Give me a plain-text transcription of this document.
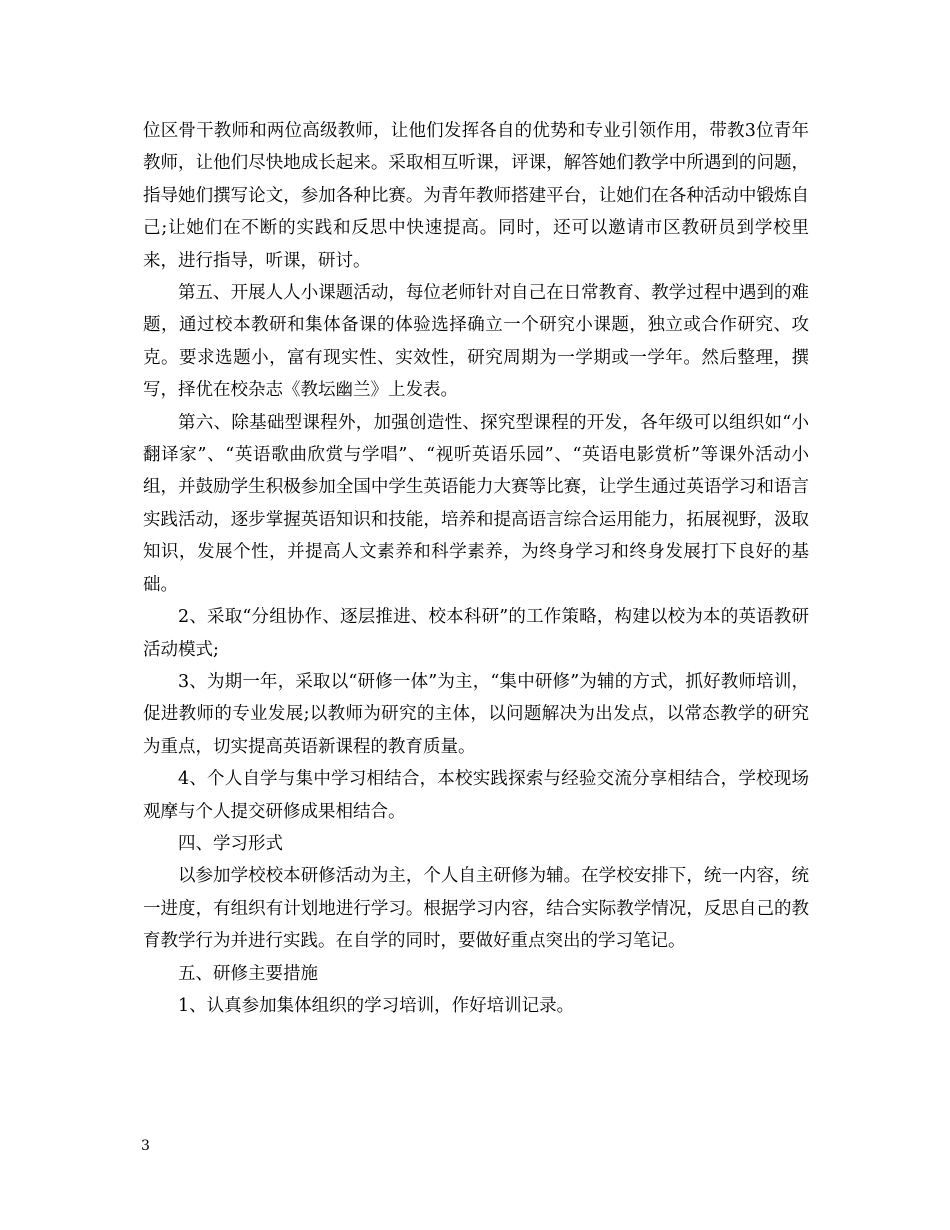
位区骨干教师和两位高级教师，让他们发挥各自的优势和专业引领作用，带教3位青年教师，让他们尽快地成长起来。采取相互听课，评课，解答她们教学中所遇到的问题，指导她们撰写论文，参加各种比赛。为青年教师搭建平台，让她们在各种活动中锻炼自己;让她们在不断的实践和反思中快速提高。同时，还可以邀请市区教研员到学校里来，进行指导，听课，研讨。

第五、开展人人小课题活动，每位老师针对自己在日常教育、教学过程中遇到的难题，通过校本教研和集体备课的体验选择确立一个研究小课题，独立或合作研究、攻克。要求选题小，富有现实性、实效性，研究周期为一学期或一学年。然后整理，撰写，择优在校杂志《教坛幽兰》上发表。

第六、除基础型课程外，加强创造性、探究型课程的开发，各年级可以组织如“小翻译家”、“英语歌曲欣赏与学唱”、“视听英语乐园”、“英语电影赏析”等课外活动小组，并鼓励学生积极参加全国中学生英语能力大赛等比赛，让学生通过英语学习和语言实践活动，逐步掌握英语知识和技能，培养和提高语言综合运用能力，拓展视野，汲取知识，发展个性，并提高人文素养和科学素养，为终身学习和终身发展打下良好的基础。

2、采取“分组协作、逐层推进、校本科研”的工作策略，构建以校为本的英语教研活动模式;

3、为期一年，采取以“研修一体”为主，“集中研修”为辅的方式，抓好教师培训，促进教师的专业发展;以教师为研究的主体，以问题解决为出发点，以常态教学的研究为重点，切实提高英语新课程的教育质量。

4、个人自学与集中学习相结合，本校实践探索与经验交流分享相结合，学校现场观摩与个人提交研修成果相结合。

四、学习形式

以参加学校校本研修活动为主，个人自主研修为辅。在学校安排下，统一内容，统一进度，有组织有计划地进行学习。根据学习内容，结合实际教学情况，反思自己的教育教学行为并进行实践。在自学的同时，要做好重点突出的学习笔记。

五、研修主要措施

1、认真参加集体组织的学习培训，作好培训记录。

3
